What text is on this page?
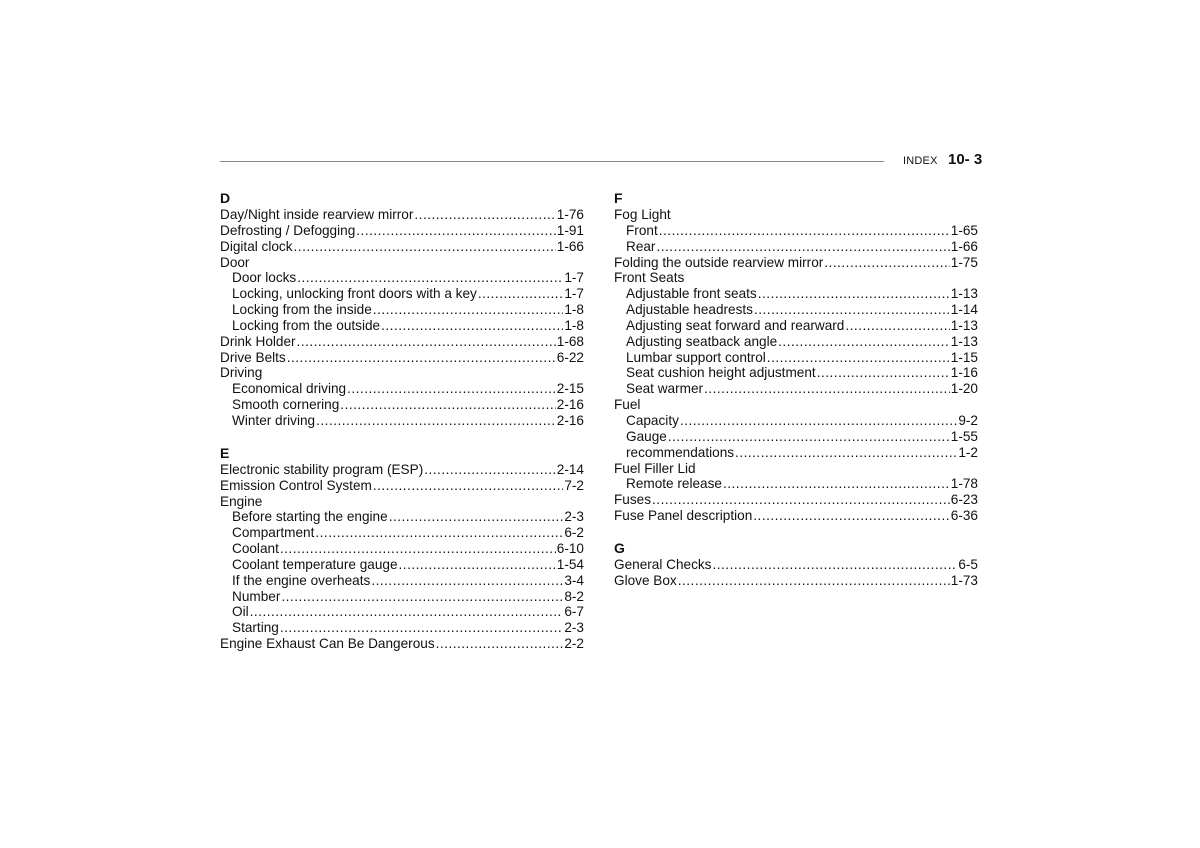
INDEX 10- 3
D
Day/Night inside rearview mirror .....	1-76
Defrosting / Defogging .....	1-91
Digital clock .....	1-66
Door
Door locks .....	1-7
Locking, unlocking front doors with a key .....	1-7
Locking from the inside .....	1-8
Locking from the outside .....	1-8
Drink Holder .....	1-68
Drive Belts .....	6-22
Driving
Economical driving .....	2-15
Smooth cornering .....	2-16
Winter driving .....	2-16
E
Electronic stability program (ESP) .....	2-14
Emission Control System .....	7-2
Engine
Before starting the engine .....	2-3
Compartment .....	6-2
Coolant .....	6-10
Coolant temperature gauge .....	1-54
If the engine overheats .....	3-4
Number .....	8-2
Oil .....	6-7
Starting .....	2-3
Engine Exhaust Can Be Dangerous .....	2-2
F
Fog Light
Front .....	1-65
Rear .....	1-66
Folding the outside rearview mirror .....	1-75
Front Seats
Adjustable front seats .....	1-13
Adjustable headrests .....	1-14
Adjusting seat forward and rearward .....	1-13
Adjusting seatback angle .....	1-13
Lumbar support control .....	1-15
Seat cushion height adjustment .....	1-16
Seat warmer .....	1-20
Fuel
Capacity .....	9-2
Gauge .....	1-55
recommendations .....	1-2
Fuel Filler Lid
Remote release .....	1-78
Fuses .....	6-23
Fuse Panel description .....	6-36
G
General Checks .....	6-5
Glove Box .....	1-73
